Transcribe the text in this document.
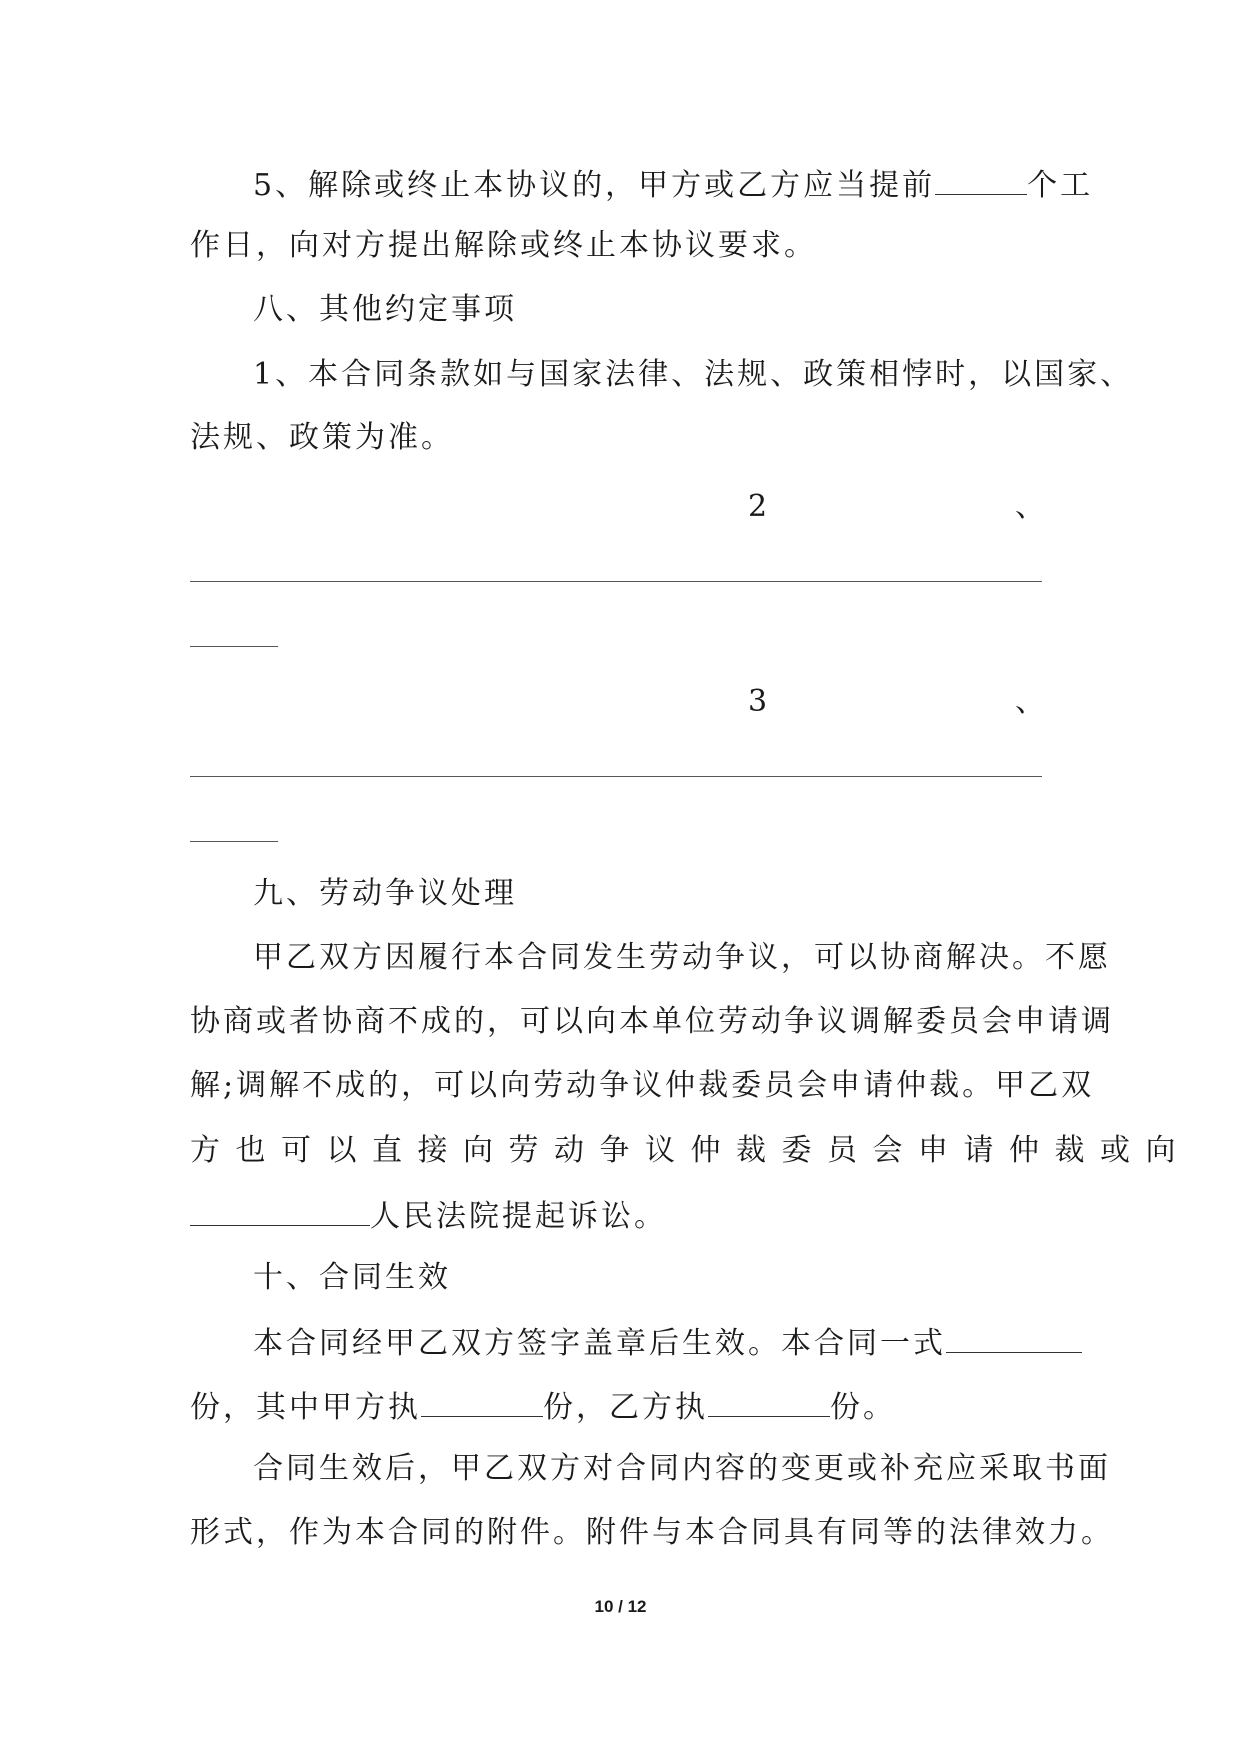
5、解除或终止本协议的，甲方或乙方应当提前	个工
作日，向对方提出解除或终止本协议要求。
八、其他约定事项
1、本合同条款如与国家法律、法规、政策相悖时，以国家、
法规、政策为准。
2	、
3	、
九、劳动争议处理
甲乙双方因履行本合同发生劳动争议，可以协商解决。不愿
协商或者协商不成的，可以向本单位劳动争议调解委员会申请调
解;调解不成的，可以向劳动争议仲裁委员会申请仲裁。甲乙双
方也可以直接向劳动争议仲裁委员会申请仲裁或向
人民法院提起诉讼。
十、合同生效
本合同经甲乙双方签字盖章后生效。本合同一式
份，其中甲方执	份，乙方执	份。
合同生效后，甲乙双方对合同内容的变更或补充应采取书面
形式，作为本合同的附件。附件与本合同具有同等的法律效力。
10 / 12
